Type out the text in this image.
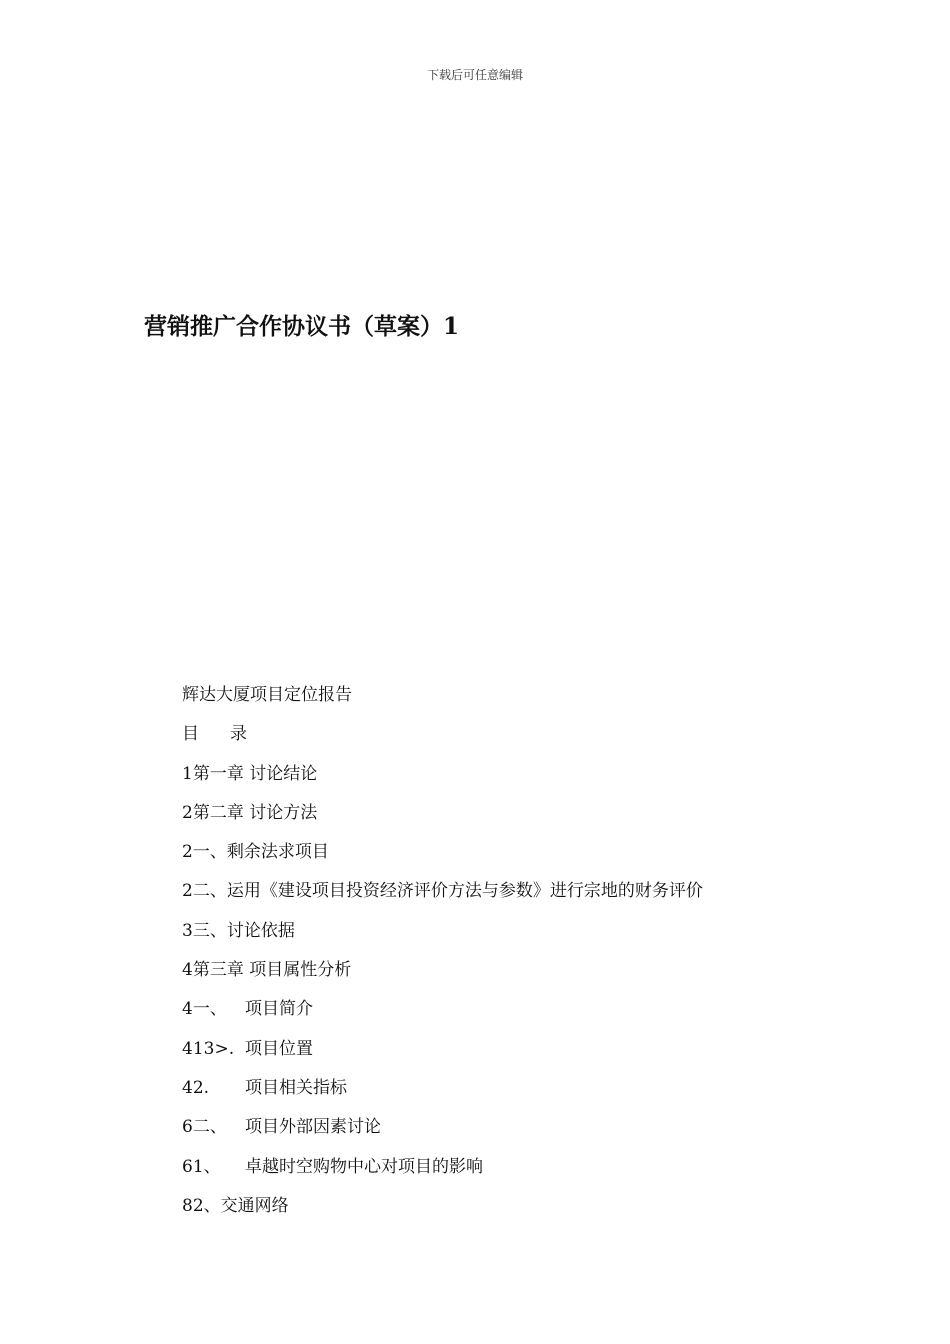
下载后可任意编辑
营销推广合作协议书（草案）1
辉达大厦项目定位报告
目 录
1第一章 讨论结论
2第二章 讨论方法
2一、剩余法求项目
2二、运用《建设项目投资经济评价方法与参数》进行宗地的财务评价
3三、讨论依据
4第三章 项目属性分析
4一、 项目简介
413>. 项目位置
42. 项目相关指标
6二、 项目外部因素讨论
61、 卓越时空购物中心对项目的影响
82、交通网络
